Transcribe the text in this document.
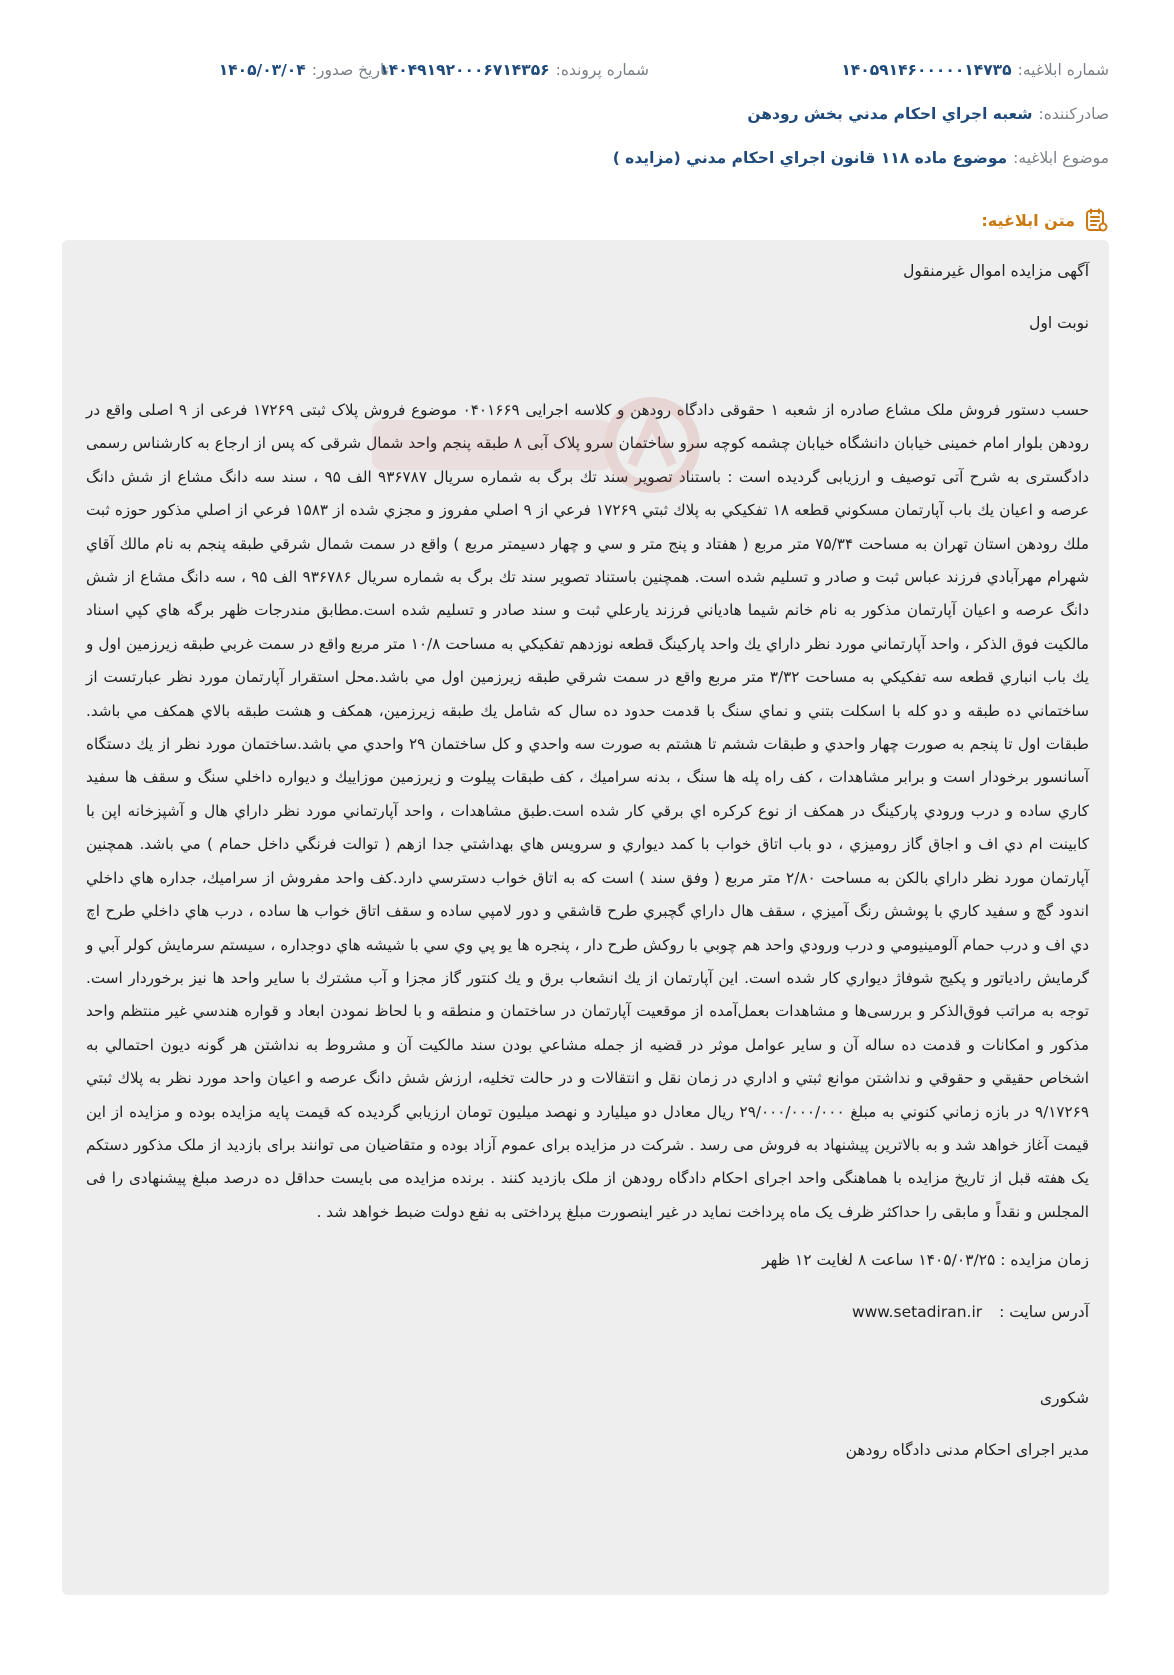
شماره ابلاغیه:
۱۴۰۵۹۱۴۶۰۰۰۰۰۱۴۷۳۵
شماره پرونده:
۱۴۰۴۹۱۹۲۰۰۰۶۷۱۴۳۵۶
تاریخ صدور:
۱۴۰۵/۰۳/۰۴
صادرکننده:
شعبه اجراي احكام مدني بخش رودهن
موضوع ابلاغیه:
موضوع ماده ۱۱۸ قانون اجراي احكام مدني (مزايده )
متن ابلاغیه:

آگهی مزایده اموال غیرمنقول

نوبت اول

حسب دستور فروش ملک مشاع صادره از شعبه ۱ حقوقی دادگاه رودهن و کلاسه اجرایی ۰۴۰۱۶۶۹ موضوع فروش پلاک ثبتی ۱۷۲۶۹ فرعی از ۹ اصلی واقع در رودهن بلوار امام خمینی خیابان دانشگاه خیابان چشمه کوچه سرو ساختمان سرو پلاک آبی ۸ طبقه پنجم واحد شمال شرقی که پس از ارجاع به کارشناس رسمی دادگستری به شرح آتی توصیف و ارزیابی گردیده است : باستناد تصویر سند تك برگ به شماره سریال ۹۳۶۷۸۷ الف ۹۵ ، سند سه دانگ مشاع از شش دانگ عرصه و اعيان يك باب آپارتمان مسكوني قطعه ۱۸ تفكيكي به پلاك ثبتي ۱۷۲۶۹ فرعي از ۹ اصلي مفروز و مجزي شده از ۱۵۸۳ فرعي از اصلي مذكور حوزه ثبت ملك رودهن استان تهران به مساحت ۷۵/۳۴ متر مربع ( هفتاد و پنج متر و سي و چهار دسيمتر مربع ) واقع در سمت شمال شرقي طبقه پنجم به نام مالك آقاي شهرام مهرآبادي فرزند عباس ثبت و صادر و تسليم شده است. همچنين باستناد تصوير سند تك برگ به شماره سريال ۹۳۶۷۸۶ الف ۹۵ ، سه دانگ مشاع از شش دانگ عرصه و اعيان آپارتمان مذكور به نام خانم شيما هادياني فرزند يارعلي ثبت و سند صادر و تسليم شده است.مطابق مندرجات ظهر برگه هاي كپي اسناد مالكيت فوق الذكر ، واحد آپارتماني مورد نظر داراي يك واحد پاركينگ قطعه نوزدهم تفكيكي به مساحت ۱۰/۸ متر مربع واقع در سمت غربي طبقه زيرزمين اول و يك باب انباري قطعه سه تفكيكي به مساحت ۳/۳۲ متر مربع واقع در سمت شرقي طبقه زيرزمين اول مي باشد.محل استقرار آپارتمان مورد نظر عبارتست از ساختماني ده طبقه و دو كله با اسكلت بتني و نماي سنگ با قدمت حدود ده سال كه شامل يك طبقه زيرزمين، همكف و هشت طبقه بالاي همكف مي باشد. طبقات اول تا پنجم به صورت چهار واحدي و طبقات ششم تا هشتم به صورت سه واحدي و كل ساختمان ۲۹ واحدي مي باشد.ساختمان مورد نظر از يك دستگاه آسانسور برخودار است و برابر مشاهدات ، كف راه پله ها سنگ ، بدنه سراميك ، كف طبقات پيلوت و زيرزمين موزاييك و ديواره داخلي سنگ و سقف ها سفيد كاري ساده و درب ورودي پاركينگ در همكف از نوع كركره اي برقي كار شده است.طبق مشاهدات ، واحد آپارتماني مورد نظر داراي هال و آشپزخانه اپن با كابينت ام دي اف و اجاق گاز روميزي ، دو باب اتاق خواب با كمد ديواري و سرويس هاي بهداشتي جدا ازهم ( توالت فرنگي داخل حمام ) مي باشد. همچنين آپارتمان مورد نظر داراي بالكن به مساحت ۲/۸۰ متر مربع ( وفق سند ) است كه به اتاق خواب دسترسي دارد.كف واحد مفروش از سراميك، جداره هاي داخلي اندود گچ و سفيد كاري با پوشش رنگ آميزي ، سقف هال داراي گچبري طرح قاشقي و دور لامپي ساده و سقف اتاق خواب ها ساده ، درب هاي داخلي طرح اچ دي اف و درب حمام آلومينيومي و درب ورودي واحد هم چوبي با روكش طرح دار ، پنجره ها يو پي وي سي با شيشه هاي دوجداره ، سيستم سرمايش كولر آبي و گرمايش رادياتور و پكيج شوفاژ ديواري كار شده است. اين آپارتمان از يك انشعاب برق و يك كنتور گاز مجزا و آب مشترك با ساير واحد ها نيز برخوردار است. توجه به مراتب فوق‌الذکر و بررسی‌ها و مشاهدات بعمل‌آمده از موقعيت آپارتمان در ساختمان و منطقه و با لحاظ نمودن ابعاد و قواره هندسي غير منتظم واحد مذكور و امكانات و قدمت ده ساله آن و ساير عوامل موثر در قضيه از جمله مشاعي بودن سند مالكيت آن و مشروط به نداشتن هر گونه ديون احتمالي به اشخاص حقيقي و حقوقي و نداشتن موانع ثبتي و اداري در زمان نقل و انتقالات و در حالت تخليه، ارزش شش دانگ عرصه و اعيان واحد مورد نظر به پلاك ثبتي ۹/۱۷۲۶۹ در بازه زماني كنوني به مبلغ ۲۹/۰۰۰/۰۰۰/۰۰۰ ريال معادل دو ميليارد و نهصد ميليون تومان ارزيابي گرديده كه قيمت پايه مزايده بوده و مزايده از اين قيمت آغاز خواهد شد و به بالاترین پیشنهاد به فروش می رسد . شرکت در مزایده برای عموم آزاد بوده و متقاضیان می توانند برای بازدید از ملک مذکور دستکم یک هفته قبل از تاریخ مزایده با هماهنگی واحد اجرای احکام دادگاه رودهن از ملک بازدید کنند . برنده مزایده می بایست حداقل ده درصد مبلغ پیشنهادی را فی المجلس و نقداً و مابقی را حداکثر ظرف یک ماه پرداخت نماید در غیر اینصورت مبلغ پرداختی به نفع دولت ضبط خواهد شد .

زمان مزایده : ۱۴۰۵/۰۳/۲۵ ساعت ۸ لغایت ۱۲ ظهر

آدرس سایت : www.setadiran.ir

شکوری

مدیر اجرای احکام مدنی دادگاه رودهن
